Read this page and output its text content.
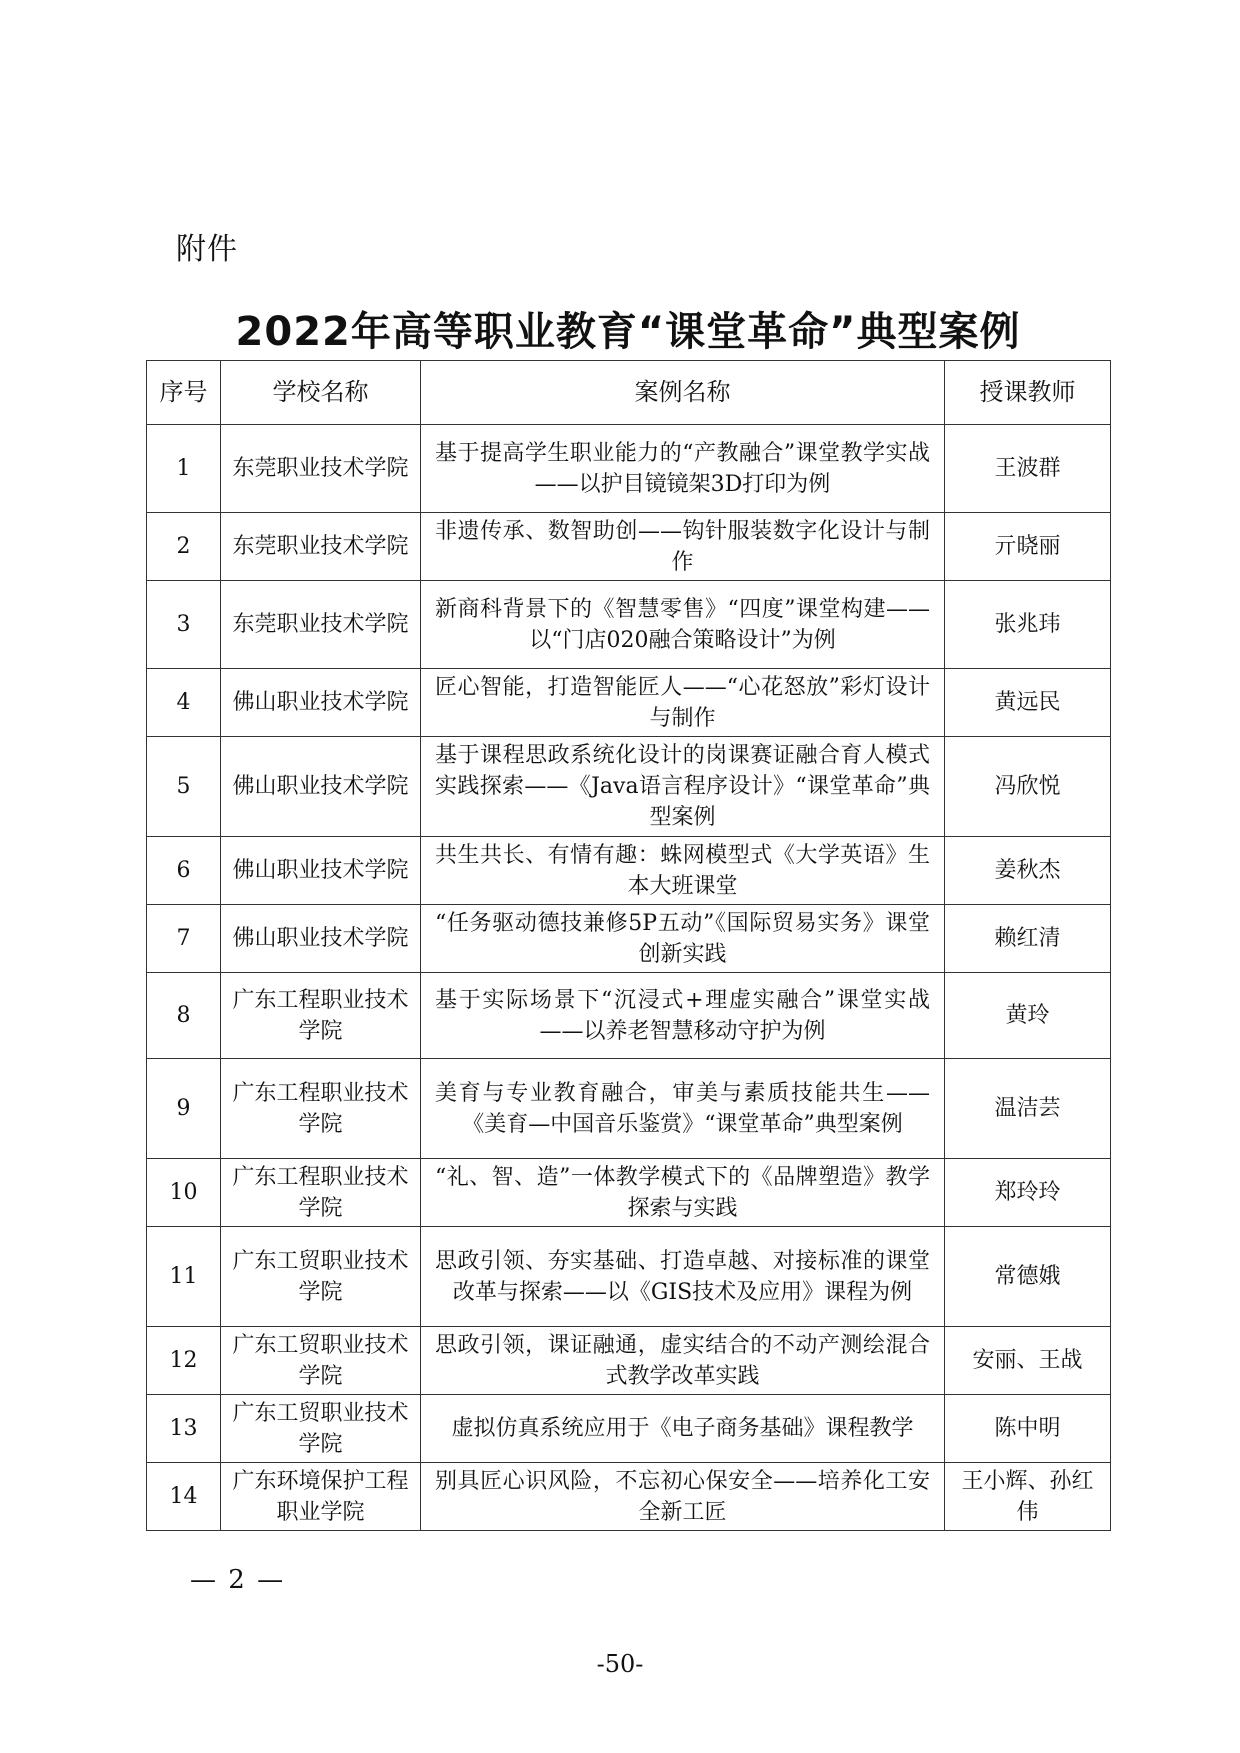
附件
2022年高等职业教育“课堂革命”典型案例
序号	学校名称	案例名称	授课教师
1	东莞职业技术学院	基于提高学生职业能力的“产教融合”课堂教学实战——以护目镜镜架3D打印为例	王波群
2	东莞职业技术学院	非遗传承、数智助创——钩针服装数字化设计与制作	亓晓丽
3	东莞职业技术学院	新商科背景下的《智慧零售》“四度”课堂构建——以“门店020融合策略设计”为例	张兆玮
4	佛山职业技术学院	匠心智能，打造智能匠人——“心花怒放”彩灯设计与制作	黄远民
5	佛山职业技术学院	基于课程思政系统化设计的岗课赛证融合育人模式实践探索——《Java语言程序设计》“课堂革命”典型案例	冯欣悦
6	佛山职业技术学院	共生共长、有情有趣：蛛网模型式《大学英语》生本大班课堂	姜秋杰
7	佛山职业技术学院	“任务驱动德技兼修5P五动”《国际贸易实务》课堂创新实践	赖红清
8	广东工程职业技术学院	基于实际场景下“沉浸式+理虚实融合”课堂实战——以养老智慧移动守护为例	黄玲
9	广东工程职业技术学院	美育与专业教育融合，审美与素质技能共生——《美育—中国音乐鉴赏》“课堂革命”典型案例	温洁芸
10	广东工程职业技术学院	“礼、智、造”一体教学模式下的《品牌塑造》教学探索与实践	郑玲玲
11	广东工贸职业技术学院	思政引领、夯实基础、打造卓越、对接标准的课堂改革与探索——以《GIS技术及应用》课程为例	常德娥
12	广东工贸职业技术学院	思政引领，课证融通，虚实结合的不动产测绘混合式教学改革实践	安丽、王战
13	广东工贸职业技术学院	虚拟仿真系统应用于《电子商务基础》课程教学	陈中明
14	广东环境保护工程职业学院	别具匠心识风险，不忘初心保安全——培养化工安全新工匠	王小辉、孙红伟
— 2 —
-50-
